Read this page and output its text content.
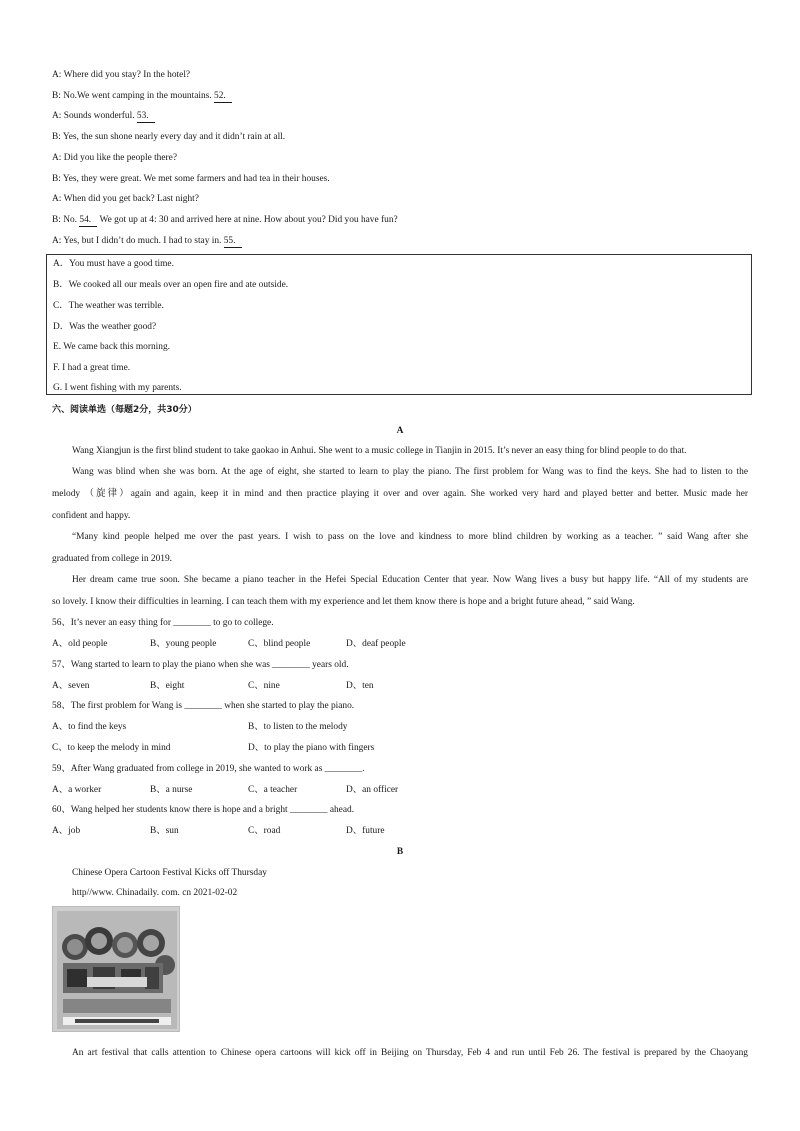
A: Where did you stay? In the hotel?
B: No.We went camping in the mountains. 52.
A: Sounds wonderful. 53.
B: Yes, the sun shone nearly every day and it didn’t rain at all.
A: Did you like the people there?
B: Yes, they were great. We met some farmers and had tea in their houses.
A: When did you get back? Last night?
B: No. 54. We got up at 4: 30 and arrived here at nine. How about you? Did you have fun?
A: Yes, but I didn’t do much. I had to stay in. 55.
A．You must have a good time.
B．We cooked all our meals over an open fire and ate outside.
C．The weather was terrible.
D．Was the weather good?
E. We came back this morning.
F. I had a great time.
G. I went fishing with my parents.
六、阅读单选（每题2分，共30分）
A
Wang Xiangjun is the first blind student to take gaokao in Anhui. She went to a music college in Tianjin in 2015. It’s never an easy thing for blind people to do that.
Wang was blind when she was born. At the age of eight, she started to learn to play the piano. The first problem for Wang was to find the keys. She had to listen to the
melody （旋律）again and again, keep it in mind and then practice playing it over and over again. She worked very hard and played better and better. Music made her
confident and happy.
“Many kind people helped me over the past years. I wish to pass on the love and kindness to more blind children by working as a teacher. ” said Wang after she
graduated from college in 2019.
Her dream came true soon. She became a piano teacher in the Hefei Special Education Center that year. Now Wang lives a busy but happy life. “All of my students are
so lovely. I know their difficulties in learning. I can teach them with my experience and let them know there is hope and a bright future ahead, ” said Wang.
56、It’s never an easy thing for ________ to go to college.
A、old people	B、young people	C、blind people	D、deaf people
57、Wang started to learn to play the piano when she was ________ years old.
A、seven	B、eight	C、nine	D、ten
58、The first problem for Wang is ________ when she started to play the piano.
A、to find the keys	B、to listen to the melody
C、to keep the melody in mind	D、to play the piano with fingers
59、After Wang graduated from college in 2019, she wanted to work as ________.
A、a worker	B、a nurse	C、a teacher	D、an officer
60、Wang helped her students know there is hope and a bright ________ ahead.
A、job	B、sun	C、road	D、future
B
Chinese Opera Cartoon Festival Kicks off Thursday
http//www. Chinadaily. com. cn 2021-02-02
An art festival that calls attention to Chinese opera cartoons will kick off in Beijing on Thursday, Feb 4 and run until Feb 26. The festival is prepared by the Chaoyang
